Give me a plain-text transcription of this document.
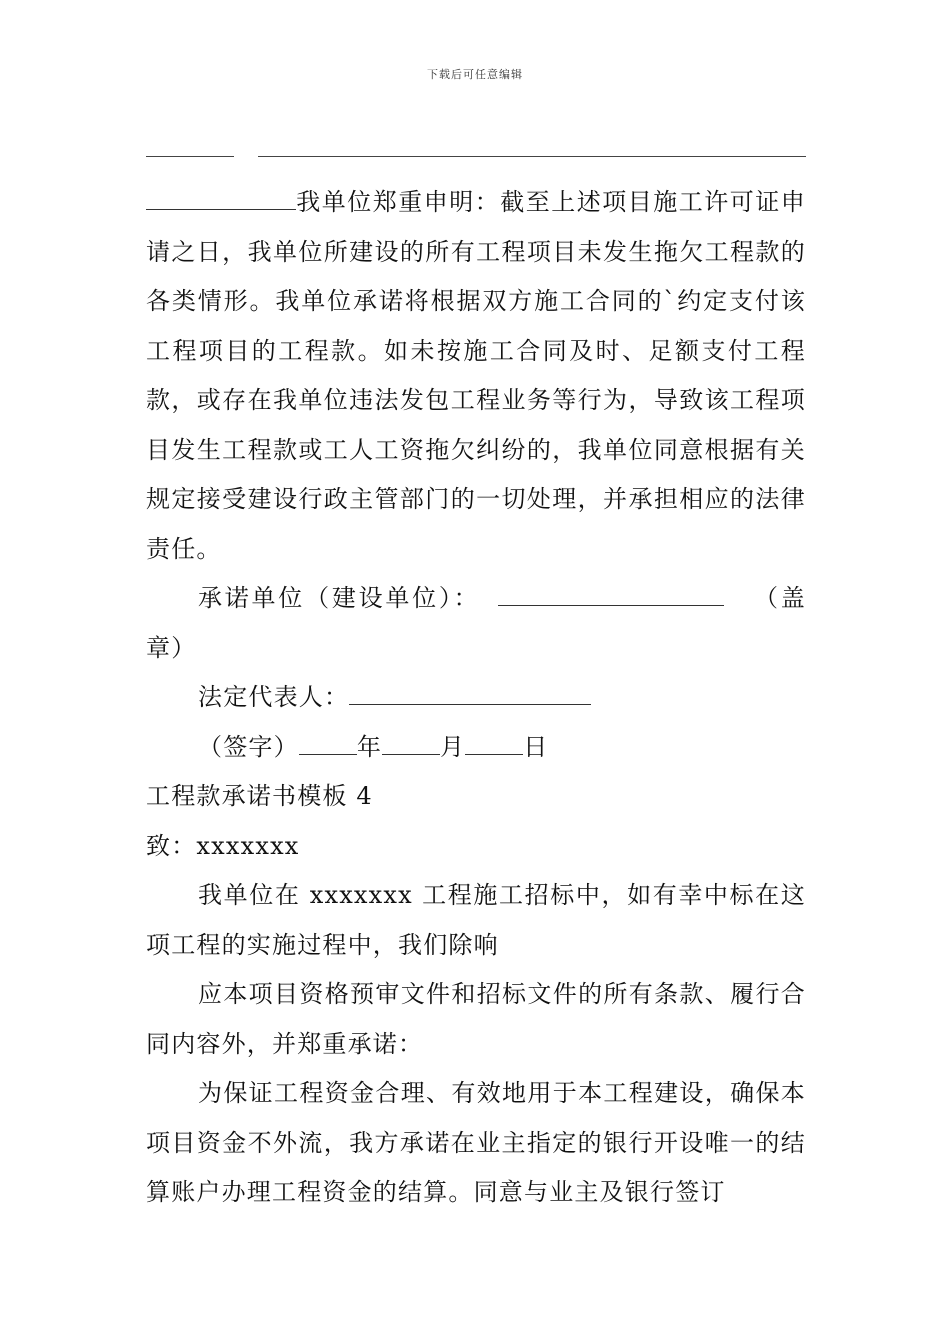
下载后可任意编辑

我单位郑重申明：截至上述项目施工许可证申请之日，我单位所建设的所有工程项目未发生拖欠工程款的各类情形。我单位承诺将根据双方施工合同的`约定支付该工程项目的工程款。如未按施工合同及时、足额支付工程款，或存在我单位违法发包工程业务等行为，导致该工程项目发生工程款或工人工资拖欠纠纷的，我单位同意根据有关规定接受建设行政主管部门的一切处理，并承担相应的法律责任。

承诺单位（建设单位）：	（盖章）

法定代表人：

（签字） 年 月 日

工程款承诺书模板 4

致：xxxxxxx

我单位在 xxxxxxx 工程施工招标中，如有幸中标在这项工程的实施过程中，我们除响

应本项目资格预审文件和招标文件的所有条款、履行合同内容外，并郑重承诺：

为保证工程资金合理、有效地用于本工程建设，确保本项目资金不外流，我方承诺在业主指定的银行开设唯一的结算账户办理工程资金的结算。同意与业主及银行签订
